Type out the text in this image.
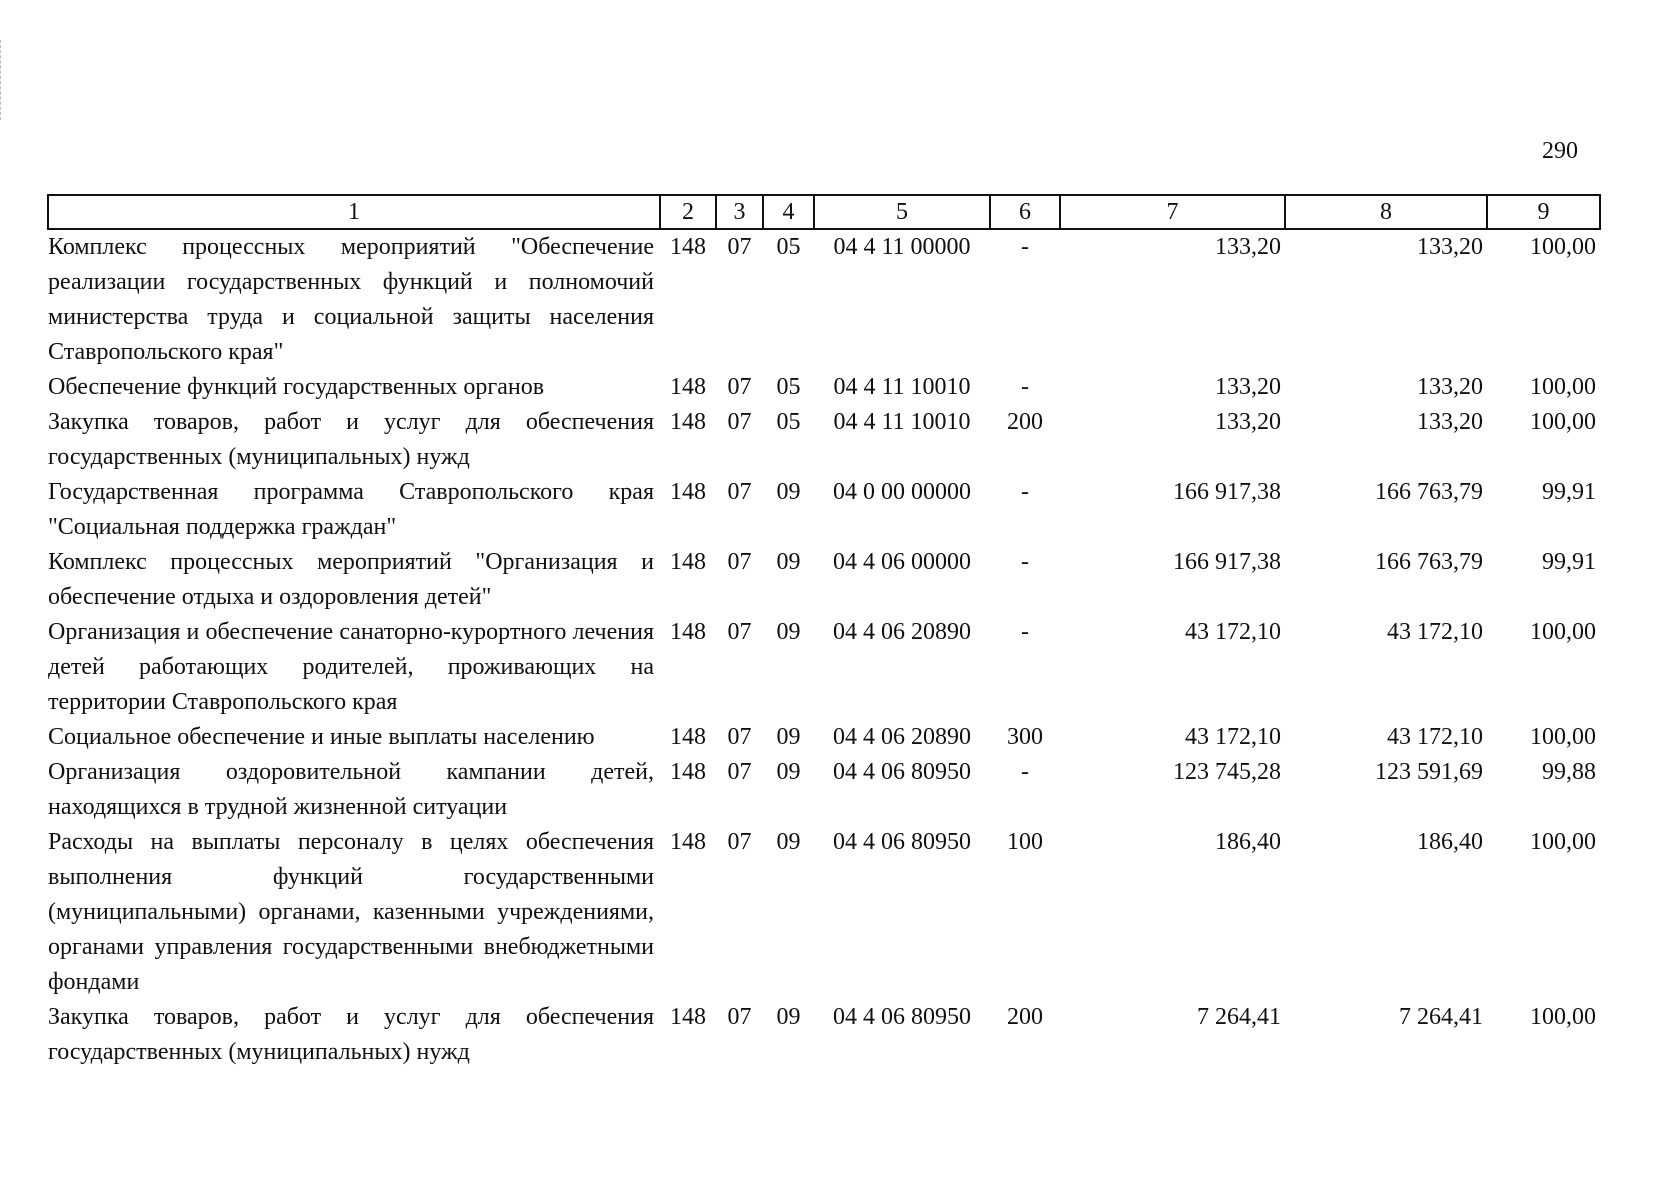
290
1	2	3	4	5	6	7	8	9
Комплекс процессных мероприятий "Обеспечение реализации государственных функций и полномочий министерства труда и социальной защиты населения Ставропольского края"	148	07	05	04 4 11 00000	-	133,20	133,20	100,00
Обеспечение функций государственных органов	148	07	05	04 4 11 10010	-	133,20	133,20	100,00
Закупка товаров, работ и услуг для обеспечения государственных (муниципальных) нужд	148	07	05	04 4 11 10010	200	133,20	133,20	100,00
Государственная программа Ставропольского края "Социальная поддержка граждан"	148	07	09	04 0 00 00000	-	166 917,38	166 763,79	99,91
Комплекс процессных мероприятий "Организация и обеспечение отдыха и оздоровления детей"	148	07	09	04 4 06 00000	-	166 917,38	166 763,79	99,91
Организация и обеспечение санаторно-курортного лечения детей работающих родителей, проживающих на территории Ставропольского края	148	07	09	04 4 06 20890	-	43 172,10	43 172,10	100,00
Социальное обеспечение и иные выплаты населению	148	07	09	04 4 06 20890	300	43 172,10	43 172,10	100,00
Организация оздоровительной кампании детей, находящихся в трудной жизненной ситуации	148	07	09	04 4 06 80950	-	123 745,28	123 591,69	99,88
Расходы на выплаты персоналу в целях обеспечения выполнения функций государственными (муниципальными) органами, казенными учреждениями, органами управления государственными внебюджетными фондами	148	07	09	04 4 06 80950	100	186,40	186,40	100,00
Закупка товаров, работ и услуг для обеспечения государственных (муниципальных) нужд	148	07	09	04 4 06 80950	200	7 264,41	7 264,41	100,00
